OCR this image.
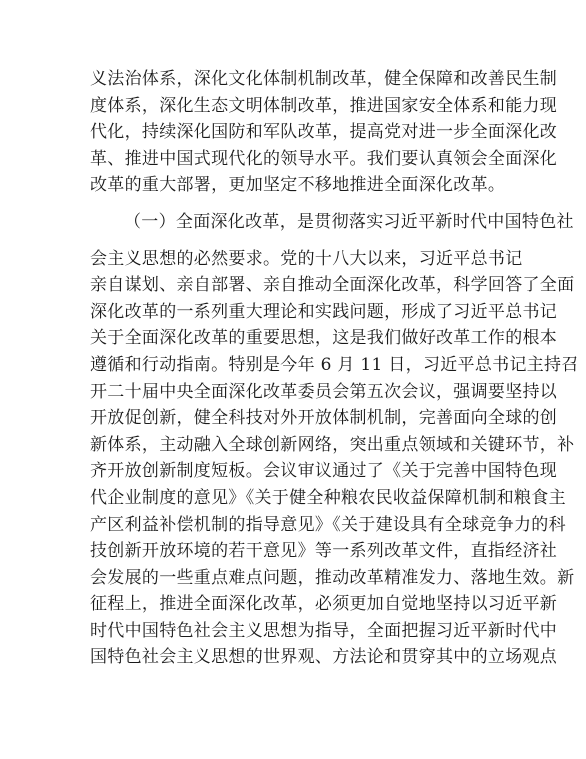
义法治体系，深化文化体制机制改革，健全保障和改善民生制
度体系，深化生态文明体制改革，推进国家安全体系和能力现
代化，持续深化国防和军队改革，提高党对进一步全面深化改
革、推进中国式现代化的领导水平。我们要认真领会全面深化
改革的重大部署，更加坚定不移地推进全面深化改革。
（一）全面深化改革，是贯彻落实习近平新时代中国特色社
会主义思想的必然要求。党的十八大以来，习近平总书记
亲自谋划、亲自部署、亲自推动全面深化改革，科学回答了全面
深化改革的一系列重大理论和实践问题，形成了习近平总书记
关于全面深化改革的重要思想，这是我们做好改革工作的根本
遵循和行动指南。特别是今年 6 月 11 日，习近平总书记主持召
开二十届中央全面深化改革委员会第五次会议，强调要坚持以
开放促创新，健全科技对外开放体制机制，完善面向全球的创
新体系，主动融入全球创新网络，突出重点领域和关键环节，补
齐开放创新制度短板。会议审议通过了《关于完善中国特色现
代企业制度的意见》《关于健全种粮农民收益保障机制和粮食主
产区利益补偿机制的指导意见》《关于建设具有全球竞争力的科
技创新开放环境的若干意见》等一系列改革文件，直指经济社
会发展的一些重点难点问题，推动改革精准发力、落地生效。新
征程上，推进全面深化改革，必须更加自觉地坚持以习近平新
时代中国特色社会主义思想为指导，全面把握习近平新时代中
国特色社会主义思想的世界观、方法论和贯穿其中的立场观点
